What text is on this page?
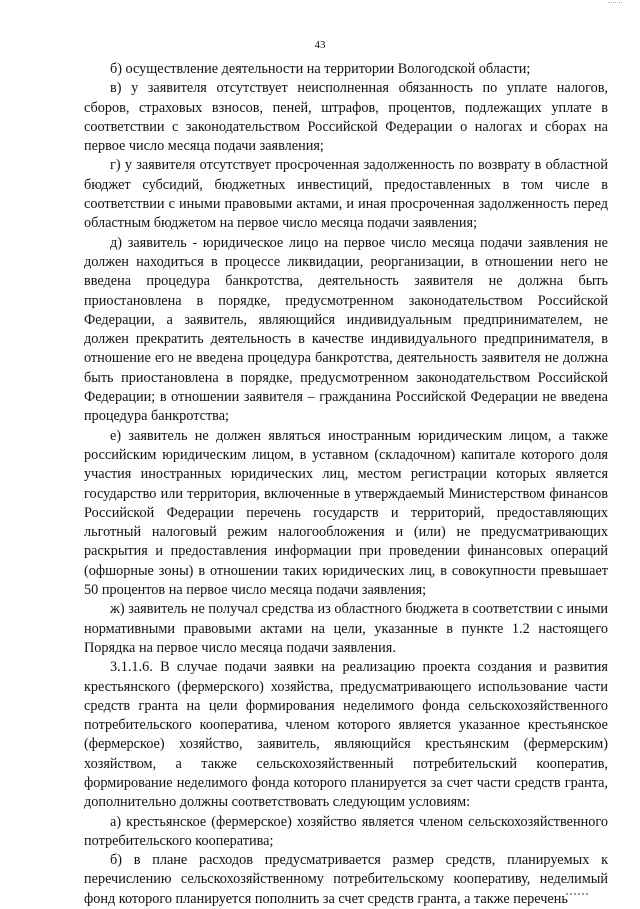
43

б) осуществление деятельности на территории Вологодской области;

в) у заявителя отсутствует неисполненная обязанность по уплате налогов, сборов, страховых взносов, пеней, штрафов, процентов, подлежащих уплате в соответствии с законодательством Российской Федерации о налогах и сборах на первое число месяца подачи заявления;

г) у заявителя отсутствует просроченная задолженность по возврату в областной бюджет субсидий, бюджетных инвестиций, предоставленных в том числе в соответствии с иными правовыми актами, и иная просроченная задолженность перед областным бюджетом на первое число месяца подачи заявления;

д) заявитель - юридическое лицо на первое число месяца подачи заявления не должен находиться в процессе ликвидации, реорганизации, в отношении него не введена процедура банкротства, деятельность заявителя не должна быть приостановлена в порядке, предусмотренном законодательством Российской Федерации, а заявитель, являющийся индивидуальным предпринимателем, не должен прекратить деятельность в качестве индивидуального предпринимателя, в отношение его не введена процедура банкротства, деятельность заявителя не должна быть приостановлена в порядке, предусмотренном законодательством Российской Федерации; в отношении заявителя – гражданина Российской Федерации не введена процедура банкротства;

е) заявитель не должен являться иностранным юридическим лицом, а также российским юридическим лицом, в уставном (складочном) капитале которого доля участия иностранных юридических лиц, местом регистрации которых является государство или территория, включенные в утверждаемый Министерством финансов Российской Федерации перечень государств и территорий, предоставляющих льготный налоговый режим налогообложения и (или) не предусматривающих раскрытия и предоставления информации при проведении финансовых операций (офшорные зоны) в отношении таких юридических лиц, в совокупности превышает 50 процентов на первое число месяца подачи заявления;

ж) заявитель не получал средства из областного бюджета в соответствии с иными нормативными правовыми актами на цели, указанные в пункте 1.2 настоящего Порядка на первое число месяца подачи заявления.

3.1.1.6. В случае подачи заявки на реализацию проекта создания и развития крестьянского (фермерского) хозяйства, предусматривающего использование части средств гранта на цели формирования неделимого фонда сельскохозяйственного потребительского кооператива, членом которого является указанное крестьянское (фермерское) хозяйство, заявитель, являющийся крестьянским (фермерским) хозяйством, а также сельскохозяйственный потребительский кооператив, формирование неделимого фонда которого планируется за счет части средств гранта, дополнительно должны соответствовать следующим условиям:

а) крестьянское (фермерское) хозяйство является членом сельскохозяйственного потребительского кооператива;

б) в плане расходов предусматривается размер средств, планируемых к перечислению сельскохозяйственному потребительскому кооперативу, неделимый фонд которого планируется пополнить за счет средств гранта, а также перечень
